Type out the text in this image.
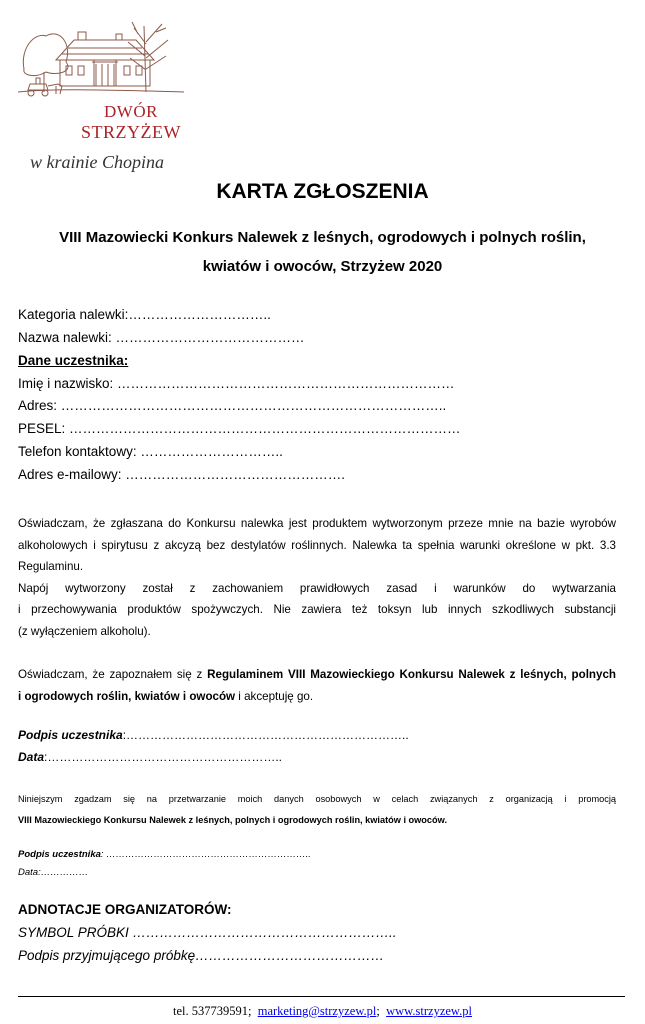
DWÓR
STRZYŻEW
w krainie Chopina
KARTA ZGŁOSZENIA
VIII Mazowiecki Konkurs Nalewek z leśnych, ogrodowych i polnych roślin,
kwiatów i owoców, Strzyżew 2020
Kategoria nalewki:…………………………..
Nazwa nalewki: ……………………………………
Dane uczestnika:
Imię i nazwisko: …………………………………………………………………
Adres: …………………………………………………………………………..
PESEL: ……………………………………………………………………………
Telefon kontaktowy: …………………………..
Adres e-mailowy: ………………………………………….
Oświadczam, że zgłaszana do Konkursu nalewka jest produktem wytworzonym przeze mnie na bazie wyrobów
alkoholowych i spirytusu z akcyzą bez destylatów roślinnych. Nalewka ta spełnia warunki określone w pkt. 3.3
Regulaminu.
Napój wytworzony został z zachowaniem prawidłowych zasad i warunków do wytwarzania
i przechowywania produktów spożywczych. Nie zawiera też toksyn lub innych szkodliwych substancji
(z wyłączeniem alkoholu).
Oświadczam, że zapoznałem się z Regulaminem VIII Mazowieckiego Konkursu Nalewek z leśnych, polnych
i ogrodowych roślin, kwiatów i owoców i akceptuję go.
Podpis uczestnika:……………………………………………………………..
Data:…………………………………………………..
Niniejszym zgadzam się na przetwarzanie moich danych osobowych w celach związanych z organizacją i promocją
VIII Mazowieckiego Konkursu Nalewek z leśnych, polnych i ogrodowych roślin, kwiatów i owoców.
Podpis uczestnika: ………………………………………………………..
Data:……………
ADNOTACJE ORGANIZATORÓW:
SYMBOL PRÓBKI …………………………………………………..
Podpis przyjmującego próbkę……………………………………
tel. 537739591; marketing@strzyzew.pl; www.strzyzew.pl
